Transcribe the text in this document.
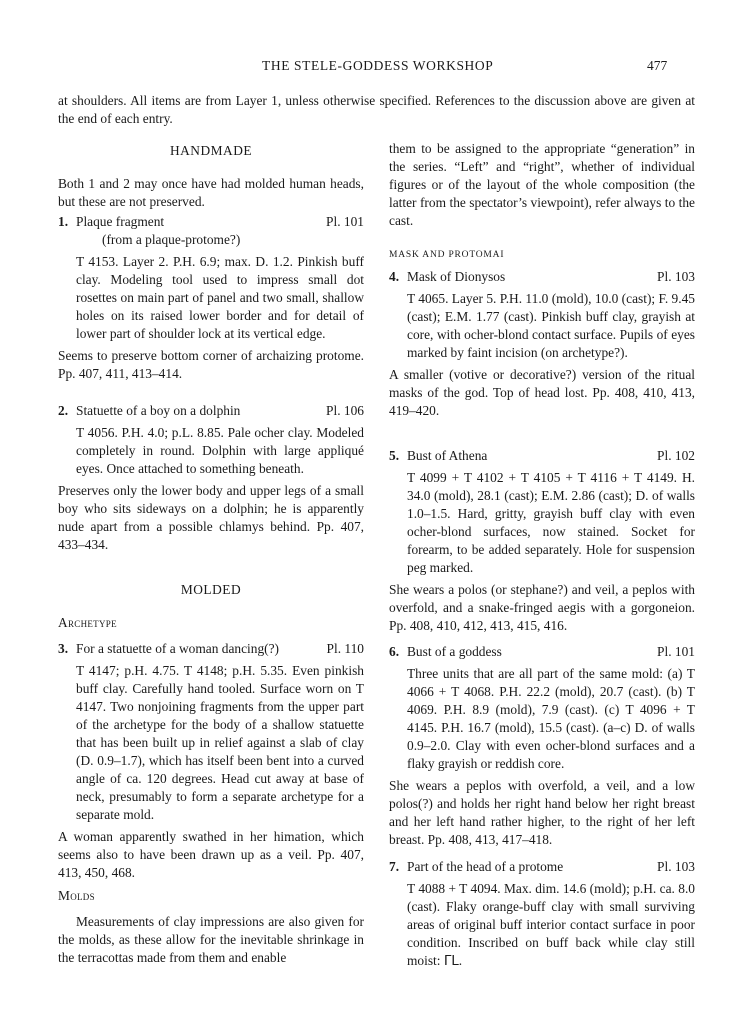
THE STELE-GODDESS WORKSHOP	477

at shoulders. All items are from Layer 1, unless otherwise specified. References to the discussion above are given at the end of each entry.

HANDMADE

Both 1 and 2 may once have had molded human heads, but these are not preserved.

1. Plaque fragment	Pl. 101
(from a plaque-protome?)
T 4153. Layer 2. P.H. 6.9; max. D. 1.2. Pinkish buff clay. Modeling tool used to impress small dot rosettes on main part of panel and two small, shallow holes on its raised lower border and for detail of lower part of shoulder lock at its vertical edge.

Seems to preserve bottom corner of archaizing protome. Pp. 407, 411, 413–414.

2. Statuette of a boy on a dolphin	Pl. 106
T 4056. P.H. 4.0; p.L. 8.85. Pale ocher clay. Modeled completely in round. Dolphin with large appliqué eyes. Once attached to something beneath.

Preserves only the lower body and upper legs of a small boy who sits sideways on a dolphin; he is apparently nude apart from a possible chlamys behind. Pp. 407, 433–434.

MOLDED

Archetype

3. For a statuette of a woman dancing(?)	Pl. 110
T 4147; p.H. 4.75. T 4148; p.H. 5.35. Even pinkish buff clay. Carefully hand tooled. Surface worn on T 4147. Two nonjoining fragments from the upper part of the archetype for the body of a shallow statuette that has been built up in relief against a slab of clay (D. 0.9–1.7), which has itself been bent into a curved angle of ca. 120 degrees. Head cut away at base of neck, presumably to form a separate archetype for a separate mold.

A woman apparently swathed in her himation, which seems also to have been drawn up as a veil. Pp. 407, 413, 450, 468.

Molds

Measurements of clay impressions are also given for the molds, as these allow for the inevitable shrinkage in the terracottas made from them and enable

them to be assigned to the appropriate “generation” in the series. “Left” and “right”, whether of individual figures or of the layout of the whole composition (the latter from the spectator’s viewpoint), refer always to the cast.

MASK AND PROTOMAI

4. Mask of Dionysos	Pl. 103
T 4065. Layer 5. P.H. 11.0 (mold), 10.0 (cast); F. 9.45 (cast); E.M. 1.77 (cast). Pinkish buff clay, grayish at core, with ocher-blond contact surface. Pupils of eyes marked by faint incision (on archetype?).

A smaller (votive or decorative?) version of the ritual masks of the god. Top of head lost. Pp. 408, 410, 413, 419–420.

5. Bust of Athena	Pl. 102
T 4099 + T 4102 + T 4105 + T 4116 + T 4149. H. 34.0 (mold), 28.1 (cast); E.M. 2.86 (cast); D. of walls 1.0–1.5. Hard, gritty, grayish buff clay with even ocher-blond surfaces, now stained. Socket for forearm, to be added separately. Hole for suspension peg marked.

She wears a polos (or stephane?) and veil, a peplos with overfold, and a snake-fringed aegis with a gorgoneion. Pp. 408, 410, 412, 413, 415, 416.

6. Bust of a goddess	Pl. 101
Three units that are all part of the same mold: (a) T 4066 + T 4068. P.H. 22.2 (mold), 20.7 (cast). (b) T 4069. P.H. 8.9 (mold), 7.9 (cast). (c) T 4096 + T 4145. P.H. 16.7 (mold), 15.5 (cast). (a–c) D. of walls 0.9–2.0. Clay with even ocher-blond surfaces and a flaky grayish or reddish core.

She wears a peplos with overfold, a veil, and a low polos(?) and holds her right hand below her right breast and her left hand rather higher, to the right of her left breast. Pp. 408, 413, 417–418.

7. Part of the head of a protome	Pl. 103
T 4088 + T 4094. Max. dim. 14.6 (mold); p.H. ca. 8.0 (cast). Flaky orange-buff clay with small surviving areas of original buff interior contact surface in poor condition. Inscribed on buff back while clay still moist: ᒥᒪ.
